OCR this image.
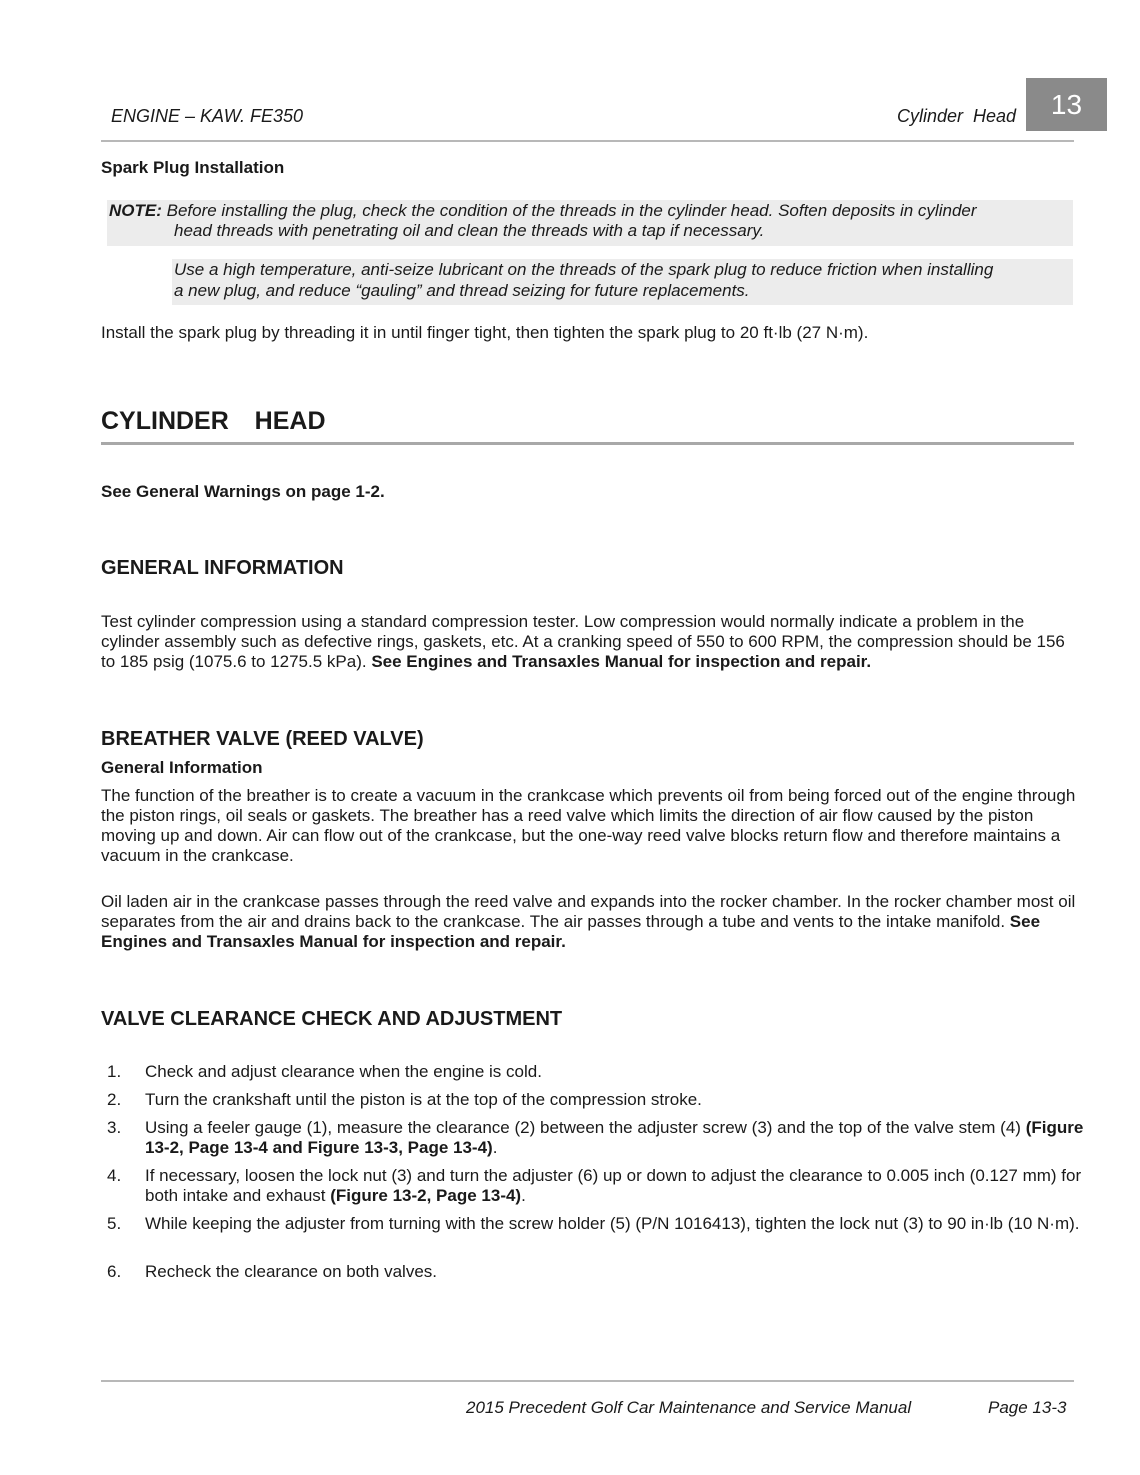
ENGINE – KAW. FE350	Cylinder  Head	13
Spark Plug Installation
NOTE: Before installing the plug, check the condition of the threads in the cylinder head. Soften deposits in cylinder
head threads with penetrating oil and clean the threads with a tap if necessary.
Use a high temperature, anti-seize lubricant on the threads of the spark plug to reduce friction when installing
a new plug, and reduce “gauling” and thread seizing for future replacements.
Install the spark plug by threading it in until finger tight, then tighten the spark plug to 20 ft·lb (27 N·m).
CYLINDER  HEAD
See General Warnings on page 1-2.
GENERAL INFORMATION
Test cylinder compression using a standard compression tester. Low compression would normally indicate a problem in the cylinder assembly such as defective rings, gaskets, etc. At a cranking speed of 550 to 600 RPM, the compression should be 156 to 185 psig (1075.6 to 1275.5 kPa). See Engines and Transaxles Manual for inspection and repair.
BREATHER VALVE (REED VALVE)
General Information
The function of the breather is to create a vacuum in the crankcase which prevents oil from being forced out of the engine through the piston rings, oil seals or gaskets. The breather has a reed valve which limits the direction of air flow caused by the piston moving up and down. Air can flow out of the crankcase, but the one-way reed valve blocks return flow and therefore maintains a vacuum in the crankcase.
Oil laden air in the crankcase passes through the reed valve and expands into the rocker chamber. In the rocker chamber most oil separates from the air and drains back to the crankcase. The air passes through a tube and vents to the intake manifold. See Engines and Transaxles Manual for inspection and repair.
VALVE CLEARANCE CHECK AND ADJUSTMENT
1.	Check and adjust clearance when the engine is cold.
2.	Turn the crankshaft until the piston is at the top of the compression stroke.
3.	Using a feeler gauge (1), measure the clearance (2) between the adjuster screw (3) and the top of the valve stem (4) (Figure 13-2, Page 13-4 and Figure 13-3, Page 13-4).
4.	If necessary, loosen the lock nut (3) and turn the adjuster (6) up or down to adjust the clearance to 0.005 inch (0.127 mm) for both intake and exhaust (Figure 13-2, Page 13-4).
5.	While keeping the adjuster from turning with the screw holder (5) (P/N 1016413), tighten the lock nut (3) to 90 in·lb (10 N·m).
6.	Recheck the clearance on both valves.
2015 Precedent Golf Car Maintenance and Service Manual	Page 13-3
